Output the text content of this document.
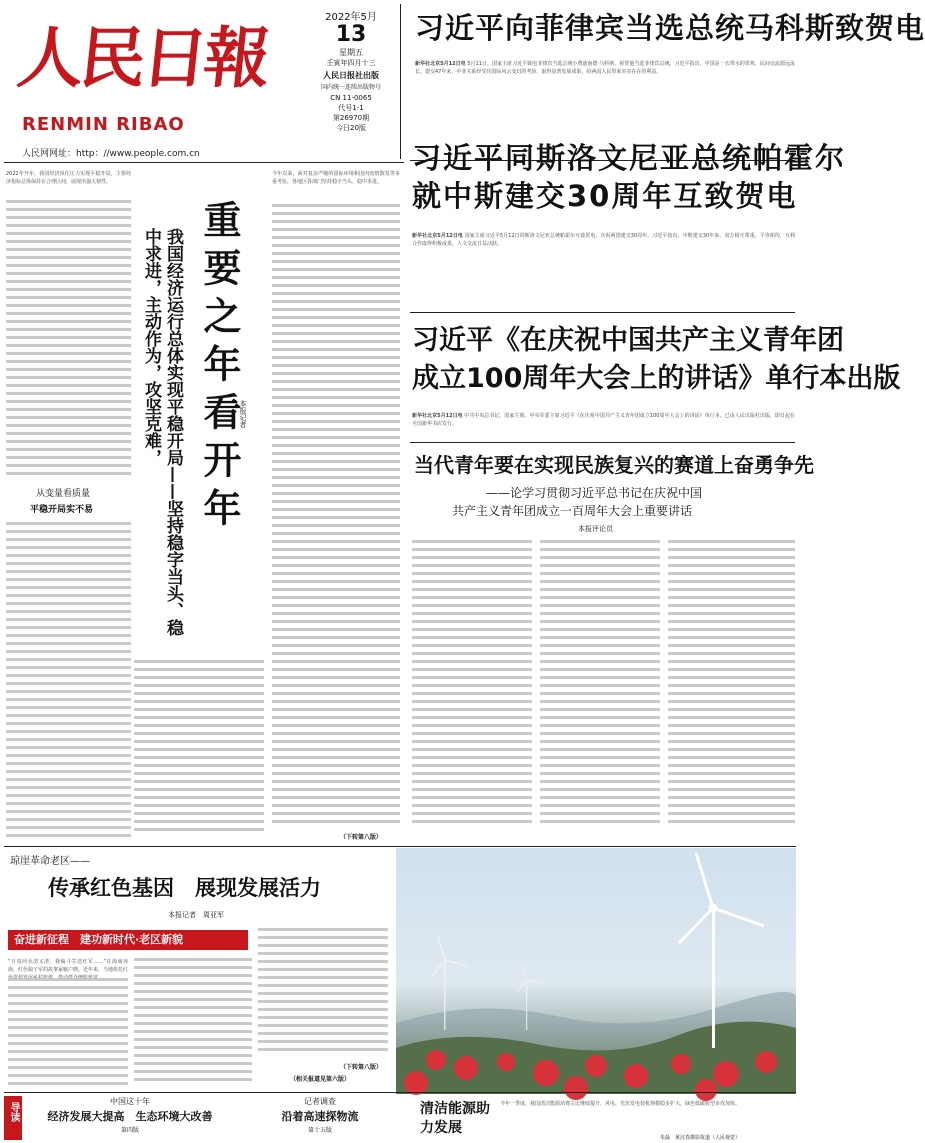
人民日報
RENMIN RIBAO
人民网网址：http：//www.people.com.cn
2022年5月
13
星期五
壬寅年四月十三
人民日报社出版
国内统一连续出版物号
CN 11-0065
代号1-1
第26970期
今日20版
习近平向菲律宾当选总统马科斯致贺电
新华社北京5月12日电 5月11日，国家主席习近平致电菲律宾当选总统小费迪南德·马科斯，祝贺他当选菲律宾总统。习近平指出，中国是一衣带水的邻邦，民间交流源远流长。建交47年来，中菲关系经受住国际风云变幻的考验，取得显著发展成果，给两国人民带来实实在在的利益。
习近平同斯洛文尼亚总统帕霍尔
就中斯建交30周年互致贺电
新华社北京5月12日电 国家主席习近平5月12日同斯洛文尼亚总统帕霍尔互致贺电，庆祝两国建交30周年。习近平指出，中斯建交30年来，双方相互尊重、平等相待，互利合作取得积极成果，人文交流日益活跃。
习近平《在庆祝中国共产主义青年团
成立100周年大会上的讲话》单行本出版
新华社北京5月12日电 中共中央总书记、国家主席、中央军委主席习近平《在庆祝中国共产主义青年团成立100周年大会上的讲话》单行本，已由人民出版社出版，即日起在全国新华书店发行。
当代青年要在实现民族复兴的赛道上奋勇争先
——论学习贯彻习近平总书记在庆祝中国
共产主义青年团成立一百周年大会上重要讲话
本报评论员
2022年开年，我国经济顶住压力实现平稳开局，主要经济指标总体保持在合理区间，展现出强大韧性。
从变量看质量
平稳开局实不易	重要之年看开年
我国经济运行总体实现平稳开局——坚持稳字当头、稳中求进，主动作为，攻坚克难，	本报记者
今年以来，面对复杂严峻的国际环境和国内疫情散发等多重考验，各地区各部门坚持稳字当头、稳中求进。
（下转第八版）
琼崖革命老区——
传承红色基因　展现发展活力
本报记者　周亚军
奋进新征程　建功新时代·老区新貌
“万泉河水清又清，我编斗笠送红军……”在海南琼海，红色娘子军的故事家喻户晓。近年来，当地依托红
（下转第八版）
（相关报道见第六版）
清洁能源助力发展
今年一季度，我国清洁能源消费占比继续提升，风电、光伏发电装机规模稳步扩大，绿色低碳转型步伐加快。
朱磊　黄汉春摄影报道（人民视觉）
导读
中国这十年
经济发展大提高　生态环境大改善
第四版
记者调查
沿着高速探物流
第十五版
